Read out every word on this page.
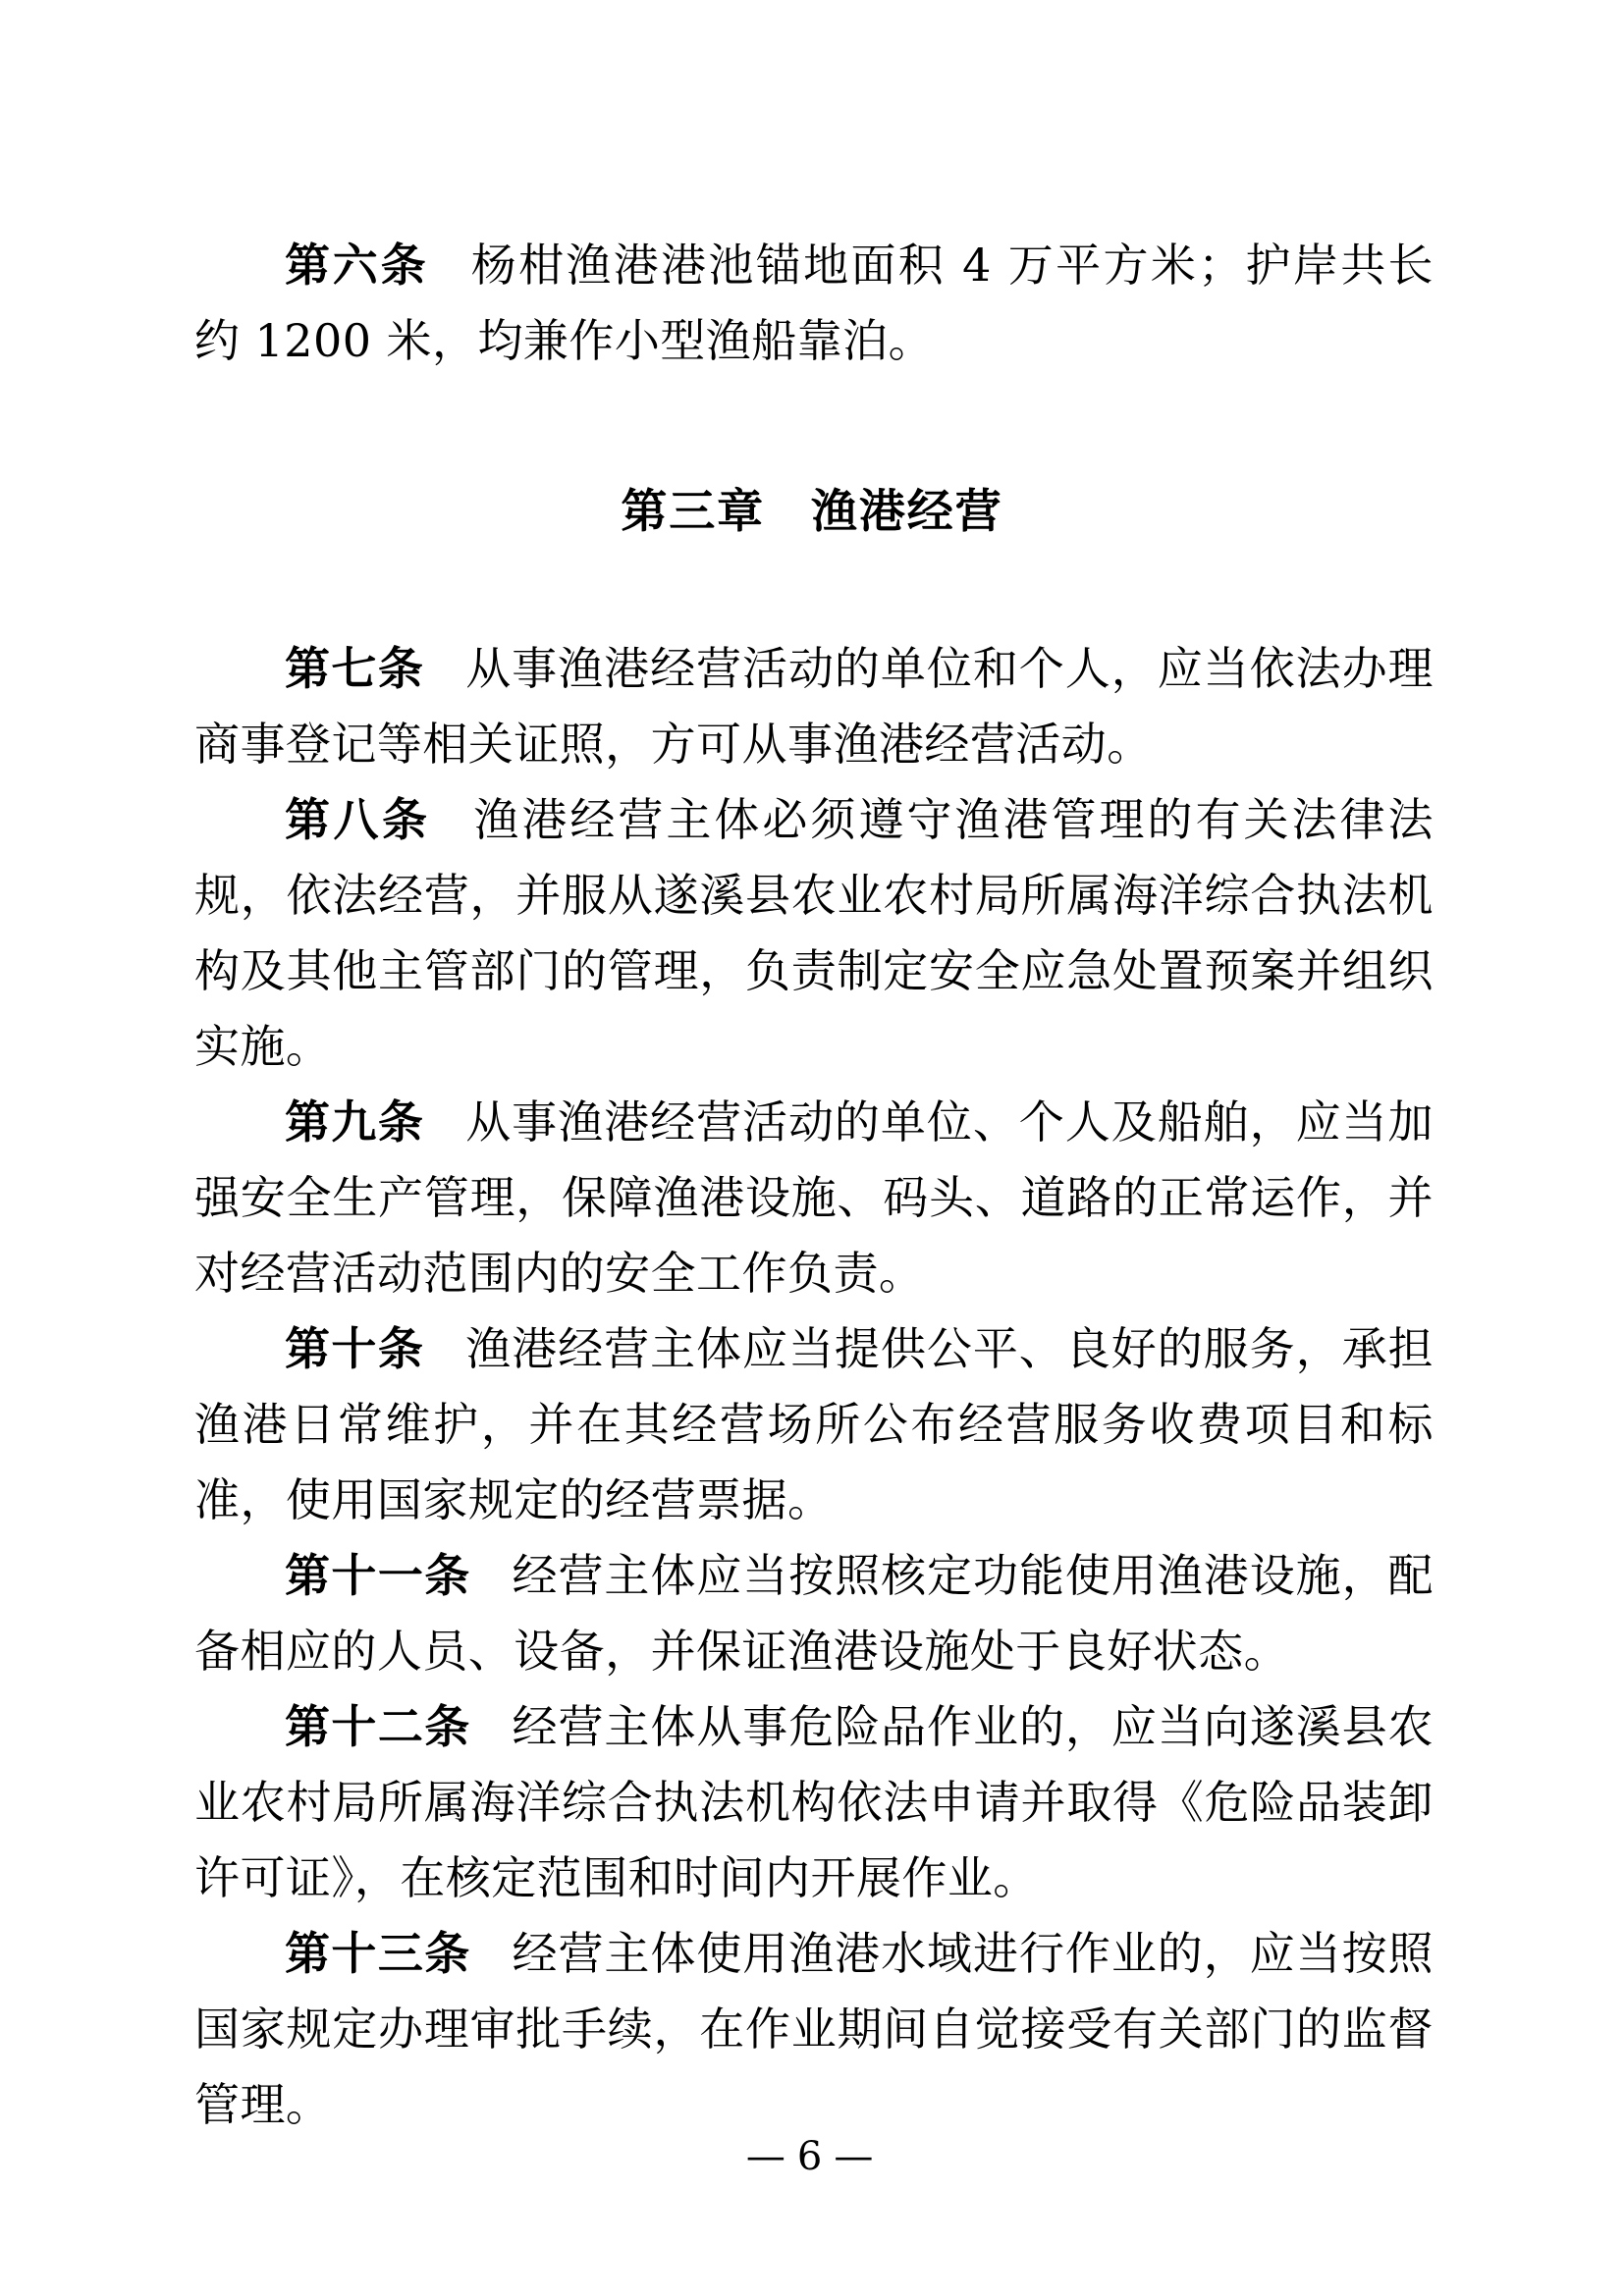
第六条 杨柑渔港港池锚地面积 4 万平方米；护岸共长约 1200 米，均兼作小型渔船靠泊。

第三章 渔港经营

第七条 从事渔港经营活动的单位和个人，应当依法办理商事登记等相关证照，方可从事渔港经营活动。

第八条 渔港经营主体必须遵守渔港管理的有关法律法规，依法经营，并服从遂溪县农业农村局所属海洋综合执法机构及其他主管部门的管理，负责制定安全应急处置预案并组织实施。

第九条 从事渔港经营活动的单位、个人及船舶，应当加强安全生产管理，保障渔港设施、码头、道路的正常运作，并对经营活动范围内的安全工作负责。

第十条 渔港经营主体应当提供公平、良好的服务，承担渔港日常维护，并在其经营场所公布经营服务收费项目和标准，使用国家规定的经营票据。

第十一条 经营主体应当按照核定功能使用渔港设施，配备相应的人员、设备，并保证渔港设施处于良好状态。

第十二条 经营主体从事危险品作业的，应当向遂溪县农业农村局所属海洋综合执法机构依法申请并取得《危险品装卸许可证》，在核定范围和时间内开展作业。

第十三条 经营主体使用渔港水域进行作业的，应当按照国家规定办理审批手续，在作业期间自觉接受有关部门的监督管理。

— 6 —
